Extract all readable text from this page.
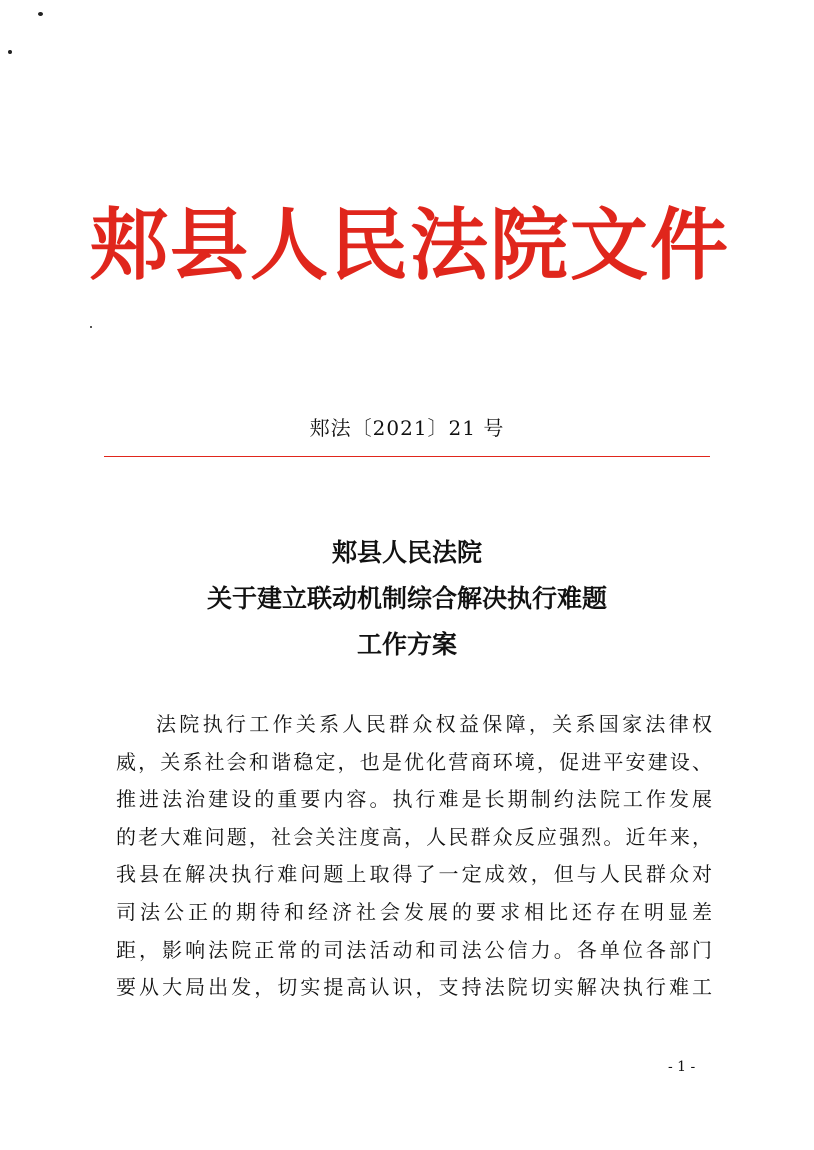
郏县人民法院文件
郏法〔2021〕21 号
郏县人民法院
关于建立联动机制综合解决执行难题
工作方案
法院执行工作关系人民群众权益保障，关系国家法律权
威，关系社会和谐稳定，也是优化营商环境，促进平安建设、
推进法治建设的重要内容。执行难是长期制约法院工作发展
的老大难问题，社会关注度高，人民群众反应强烈。近年来，
我县在解决执行难问题上取得了一定成效，但与人民群众对
司法公正的期待和经济社会发展的要求相比还存在明显差
距，影响法院正常的司法活动和司法公信力。各单位各部门
要从大局出发，切实提高认识，支持法院切实解决执行难工
- 1 -
